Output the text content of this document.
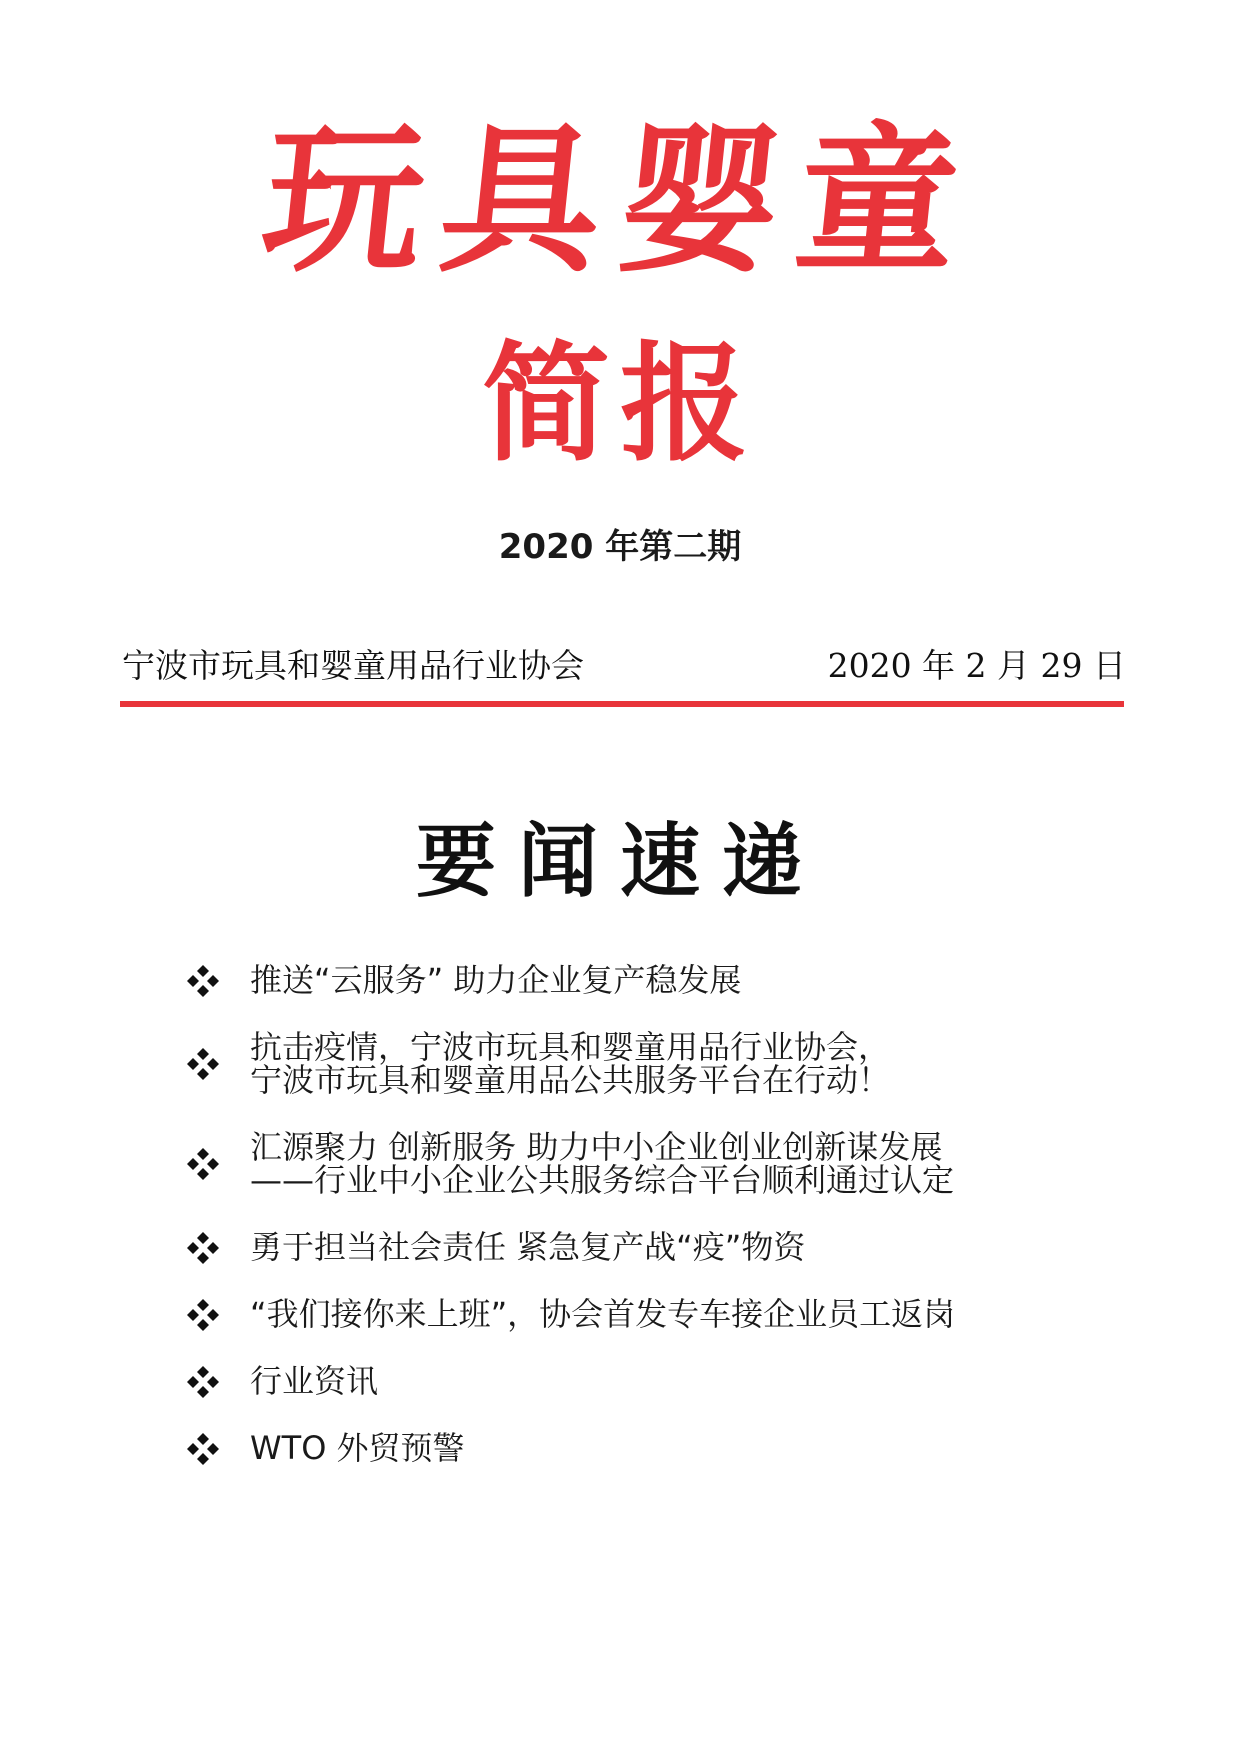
玩具婴童
简报
2020 年第二期
宁波市玩具和婴童用品行业协会	2020 年 2 月 29 日
要闻速递
推送“云服务” 助力企业复产稳发展
抗击疫情，宁波市玩具和婴童用品行业协会，
宁波市玩具和婴童用品公共服务平台在行动！
汇源聚力 创新服务 助力中小企业创业创新谋发展
——行业中小企业公共服务综合平台顺利通过认定
勇于担当社会责任 紧急复产战“疫”物资
“我们接你来上班”，协会首发专车接企业员工返岗
行业资讯
WTO 外贸预警
